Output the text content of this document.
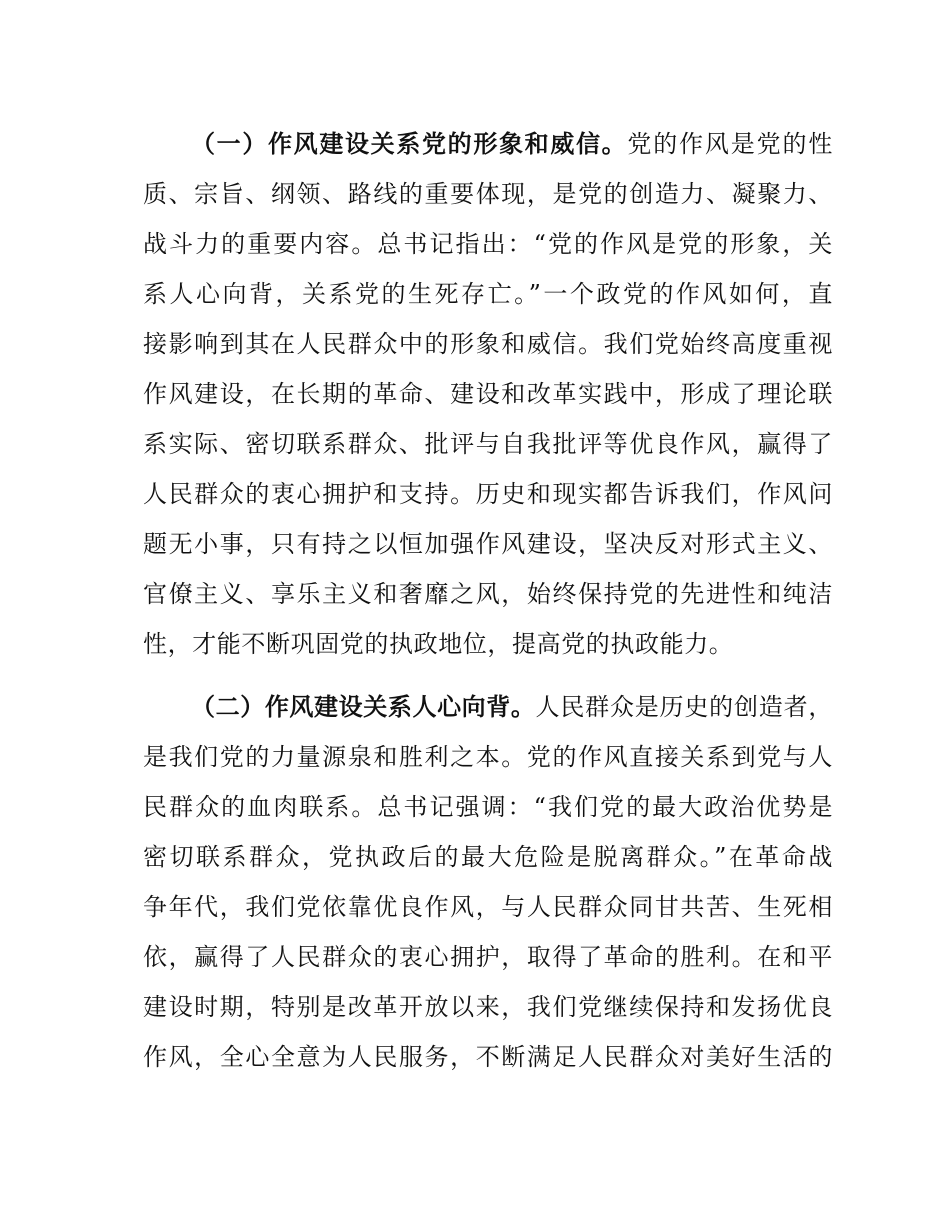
（一）作风建设关系党的形象和威信。党的作风是党的性
质、宗旨、纲领、路线的重要体现，是党的创造力、凝聚力、
战斗力的重要内容。总书记指出：“党的作风是党的形象，关
系人心向背，关系党的生死存亡。”一个政党的作风如何，直
接影响到其在人民群众中的形象和威信。我们党始终高度重视
作风建设，在长期的革命、建设和改革实践中，形成了理论联
系实际、密切联系群众、批评与自我批评等优良作风，赢得了
人民群众的衷心拥护和支持。历史和现实都告诉我们，作风问
题无小事，只有持之以恒加强作风建设，坚决反对形式主义、
官僚主义、享乐主义和奢靡之风，始终保持党的先进性和纯洁
性，才能不断巩固党的执政地位，提高党的执政能力。
（二）作风建设关系人心向背。人民群众是历史的创造者，
是我们党的力量源泉和胜利之本。党的作风直接关系到党与人
民群众的血肉联系。总书记强调：“我们党的最大政治优势是
密切联系群众，党执政后的最大危险是脱离群众。”在革命战
争年代，我们党依靠优良作风，与人民群众同甘共苦、生死相
依，赢得了人民群众的衷心拥护，取得了革命的胜利。在和平
建设时期，特别是改革开放以来，我们党继续保持和发扬优良
作风，全心全意为人民服务，不断满足人民群众对美好生活的
